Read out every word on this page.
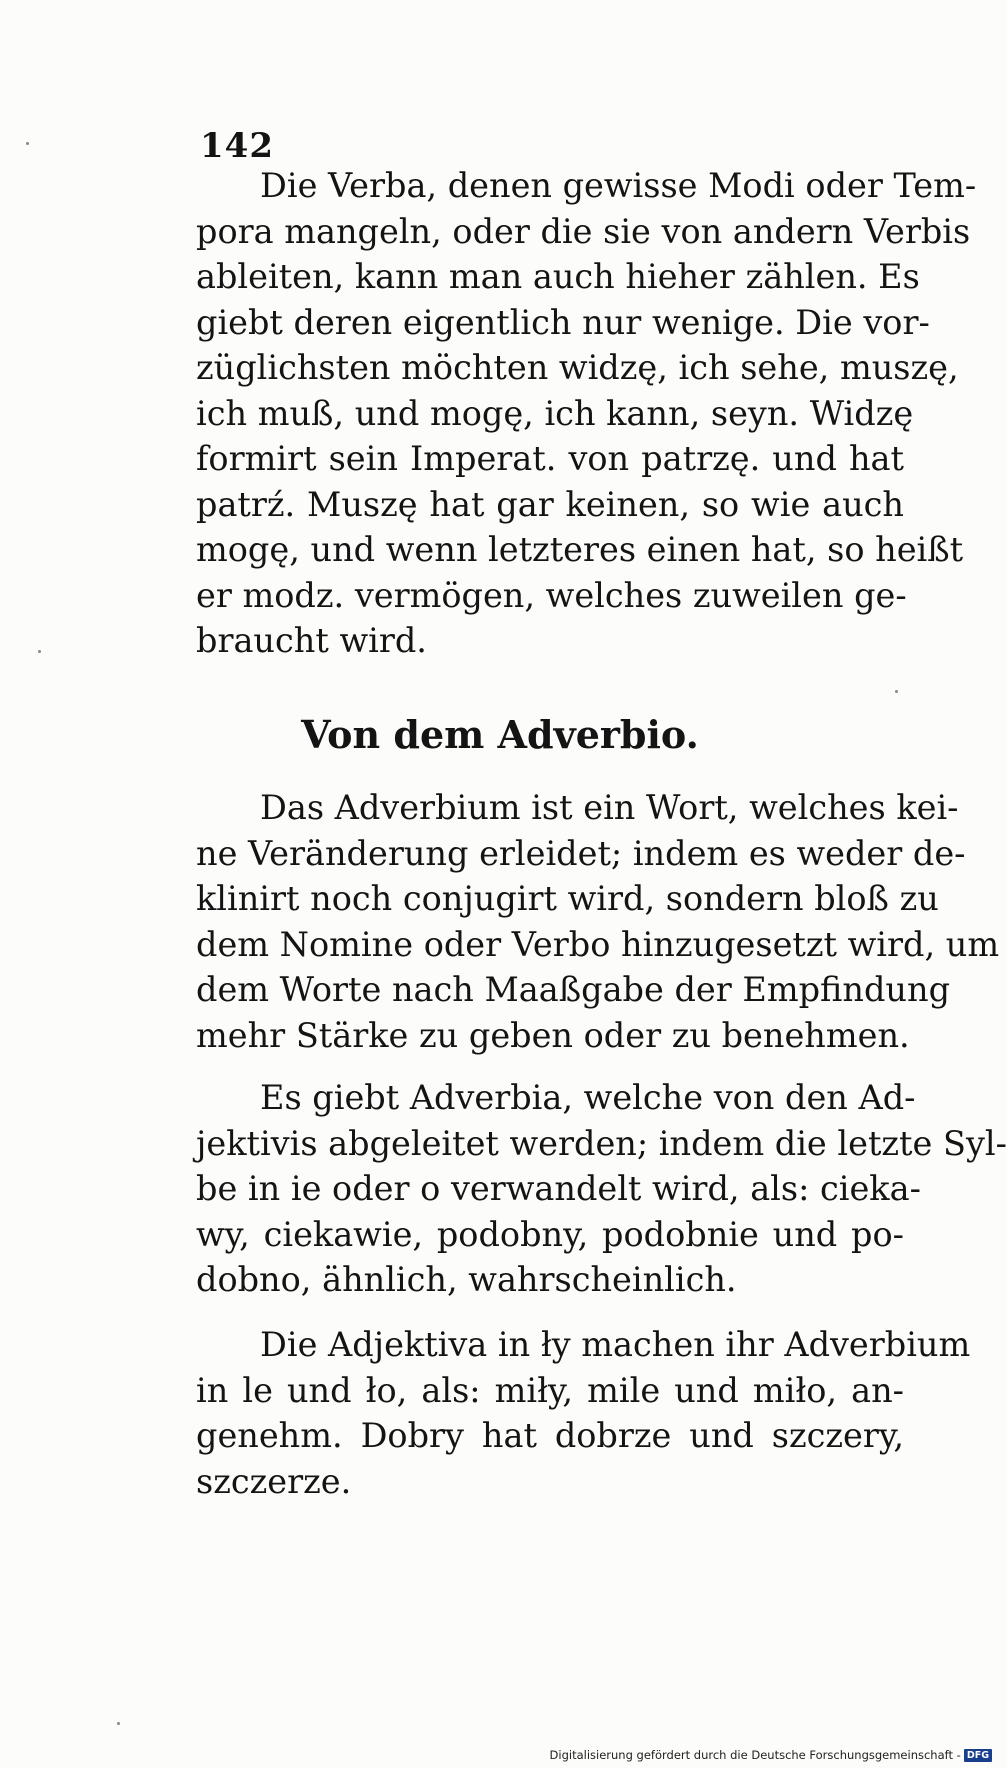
142
Die Verba, denen gewisse Modi oder Tem-
pora mangeln, oder die sie von andern Verbis
ableiten, kann man auch hieher zählen. Es
giebt deren eigentlich nur wenige. Die vor-
züglichsten möchten widzę, ich sehe, muszę,
ich muß, und mogę, ich kann, seyn. Widzę
formirt sein Imperat. von patrzę. und hat
patrź. Muszę hat gar keinen, so wie auch
mogę, und wenn letzteres einen hat, so heißt
er modz. vermögen, welches zuweilen ge-
braucht wird.
Von dem Adverbio.
Das Adverbium ist ein Wort, welches kei-
ne Veränderung erleidet; indem es weder de-
klinirt noch conjugirt wird, sondern bloß zu
dem Nomine oder Verbo hinzugesetzt wird, um
dem Worte nach Maaßgabe der Empfindung
mehr Stärke zu geben oder zu benehmen.
Es giebt Adverbia, welche von den Ad-
jektivis abgeleitet werden; indem die letzte Syl-
be in ie oder o verwandelt wird, als: cieka-
wy, ciekawie, podobny, podobnie und po-
dobno, ähnlich, wahrscheinlich.
Die Adjektiva in ły machen ihr Adverbium
in le und ło, als: miły, mile und miło, an-
genehm. Dobry hat dobrze und szczery,
szczerze.
Digitalisierung gefördert durch die Deutsche Forschungsgemeinschaft - DFG
